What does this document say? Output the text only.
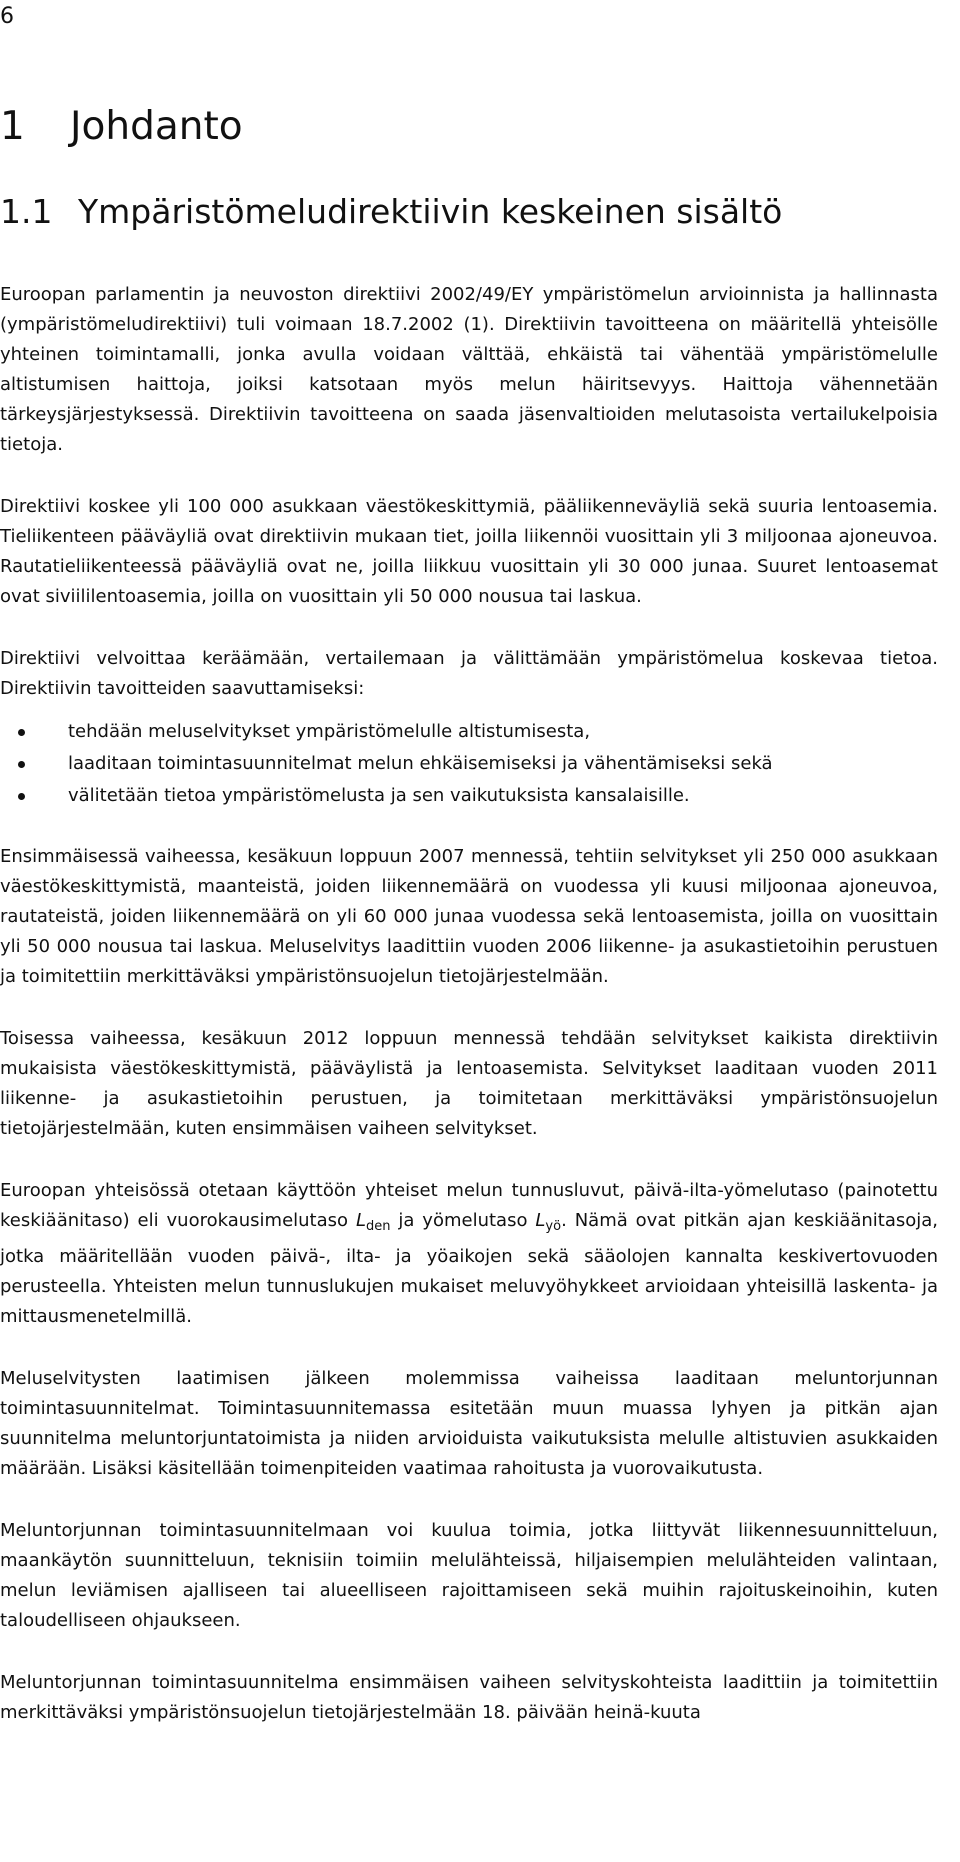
6
1 Johdanto
1.1 Ympäristömeludirektiivin keskeinen sisältö

Euroopan parlamentin ja neuvoston direktiivi 2002/49/EY ympäristömelun arvioinnista ja hallinnasta (ympäristömeludirektiivi) tuli voimaan 18.7.2002 (1). Direktiivin tavoitteena on määritellä yhteisölle yhteinen toimintamalli, jonka avulla voidaan välttää, ehkäistä tai vähentää ympäristömelulle altistumisen haittoja, joiksi katsotaan myös melun häiritsevyys. Haittoja vähennetään tärkeysjärjestyksessä. Direktiivin tavoitteena on saada jäsenvaltioiden melutasoista vertailukelpoisia tietoja.

Direktiivi koskee yli 100 000 asukkaan väestökeskittymiä, pääliikenneväyliä sekä suuria lentoasemia. Tieliikenteen pääväyliä ovat direktiivin mukaan tiet, joilla liikennöi vuosittain yli 3 miljoonaa ajoneuvoa. Rautatieliikenteessä pääväyliä ovat ne, joilla liikkuu vuosittain yli 30 000 junaa. Suuret lentoasemat ovat siviililentoasemia, joilla on vuosittain yli 50 000 nousua tai laskua.

Direktiivi velvoittaa keräämään, vertailemaan ja välittämään ympäristömelua koskevaa tietoa. Direktiivin tavoitteiden saavuttamiseksi:

tehdään meluselvitykset ympäristömelulle altistumisesta,
laaditaan toimintasuunnitelmat melun ehkäisemiseksi ja vähentämiseksi sekä
välitetään tietoa ympäristömelusta ja sen vaikutuksista kansalaisille.

Ensimmäisessä vaiheessa, kesäkuun loppuun 2007 mennessä, tehtiin selvitykset yli 250 000 asukkaan väestökeskittymistä, maanteistä, joiden liikennemäärä on vuodessa yli kuusi miljoonaa ajoneuvoa, rautateistä, joiden liikennemäärä on yli 60 000 junaa vuodessa sekä lentoasemista, joilla on vuosittain yli 50 000 nousua tai laskua. Meluselvitys laadittiin vuoden 2006 liikenne- ja asukastietoihin perustuen ja toimitettiin merkittäväksi ympäristönsuojelun tietojärjestelmään.

Toisessa vaiheessa, kesäkuun 2012 loppuun mennessä tehdään selvitykset kaikista direktiivin mukaisista väestökeskittymistä, pääväylistä ja lentoasemista. Selvitykset laaditaan vuoden 2011 liikenne- ja asukastietoihin perustuen, ja toimitetaan merkittäväksi ympäristönsuojelun tietojärjestelmään, kuten ensimmäisen vaiheen selvitykset.

Euroopan yhteisössä otetaan käyttöön yhteiset melun tunnusluvut, päivä-ilta-yömelutaso (painotettu keskiäänitaso) eli vuorokausimelutaso $L_{den}$ ja yömelutaso $L_{yö}$. Nämä ovat pitkän ajan keskiäänitasoja, jotka määritellään vuoden päivä-, ilta- ja yöaikojen sekä sääolojen kannalta keskivertovuoden perusteella. Yhteisten melun tunnuslukujen mukaiset meluvyöhykkeet arvioidaan yhteisillä laskenta- ja mittausmenetelmillä.

Meluselvitysten laatimisen jälkeen molemmissa vaiheissa laaditaan meluntorjunnan toimintasuunnitelmat. Toimintasuunnitemassa esitetään muun muassa lyhyen ja pitkän ajan suunnitelma meluntorjuntatoimista ja niiden arvioiduista vaikutuksista melulle altistuvien asukkaiden määrään. Lisäksi käsitellään toimenpiteiden vaatimaa rahoitusta ja vuorovaikutusta.

Meluntorjunnan toimintasuunnitelmaan voi kuulua toimia, jotka liittyvät liikennesuunnitteluun, maankäytön suunnitteluun, teknisiin toimiin melulähteissä, hiljaisempien melulähteiden valintaan, melun leviämisen ajalliseen tai alueelliseen rajoittamiseen sekä muihin rajoituskeinoihin, kuten taloudelliseen ohjaukseen.

Meluntorjunnan toimintasuunnitelma ensimmäisen vaiheen selvityskohteista laadittiin ja toimitettiin merkittäväksi ympäristönsuojelun tietojärjestelmään 18. päivään heinä-kuuta
